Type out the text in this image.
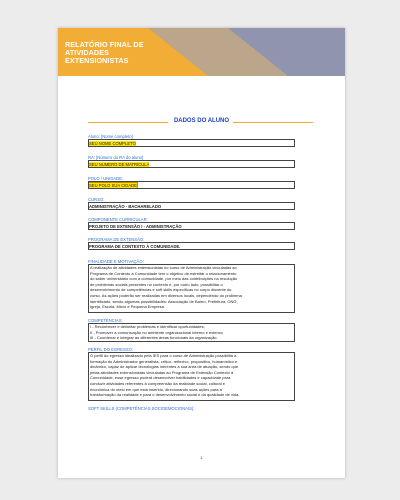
RELATÓRIO FINAL DE
ATIVIDADES
EXTENSIONISTAS
DADOS DO ALUNO
Aluno: [Nome completo]
SEU NOME COMPLETO
RA: [Número do RA do aluno]
SEU NUMERO DE MATRICULA
POLO / UNIDADE:
SEU POLO SUA CIDADE
CURSO:
ADMINISTRAÇÃO - BACHARELADO
COMPONENTE CURRICULAR:
PROJETO DE EXTENSÃO I - ADMINISTRAÇÃO
PROGRAMA DE EXTENSÃO:
PROGRAMA DE CONTEXTO À COMUNIDADE.
FINALIDADE E MOTIVAÇÃO:

A realização de atividades extensionistas no curso de Administração vinculadas ao

Programa de Contexto à Comunidade tem o objetivo de estreitar o relacionamento

do saber universitário com a comunidade, por meio das contribuições na resolução

de problemas sociais presentes no contexto e, por outro lado, possibilitar o

desenvolvimento de competências e soft skills específicas no corpo discente do

curso. As ações poderão ser realizadas em diversos locais, dependendo do problema

identificado, sendo algumas possibilidades: Associação de Bairro, Prefeitura, ONG,

Igreja, Escola, Micro e Pequena Empresa.

COMPETÊNCIAS:

I - Reconhecer e delimitar problemas e identificar oportunidades;

II - Promover a comunicação no ambiente organizacional interno e externo;

III - Coordenar e integrar as diferentes áreas funcionais da organização.

PERFIL DO EGRESSO:

O perfil do egresso idealizado pela IES para o curso de Administração possibilita a

formação do Administrador generalista, crítico, reflexivo, propositivo, humanístico e

dinâmico, capaz de aplicar tecnologias inerentes à sua área de atuação, sendo que

pelas atividades extensionistas vinculadas ao Programa de Extensão Contexto à

Comunidade, esse egresso poderá desenvolver habilidades e capacidade para

conduzir atividades referentes à compreensão da realidade social, cultural e

econômica do meio em que está inserido, direcionando suas ações para a

transformação da realidade e para o desenvolvimento social e da qualidade de vida.

SOFT SKILLS (COMPETÊNCIAS SOCIOEMOCIONAIS):
1
